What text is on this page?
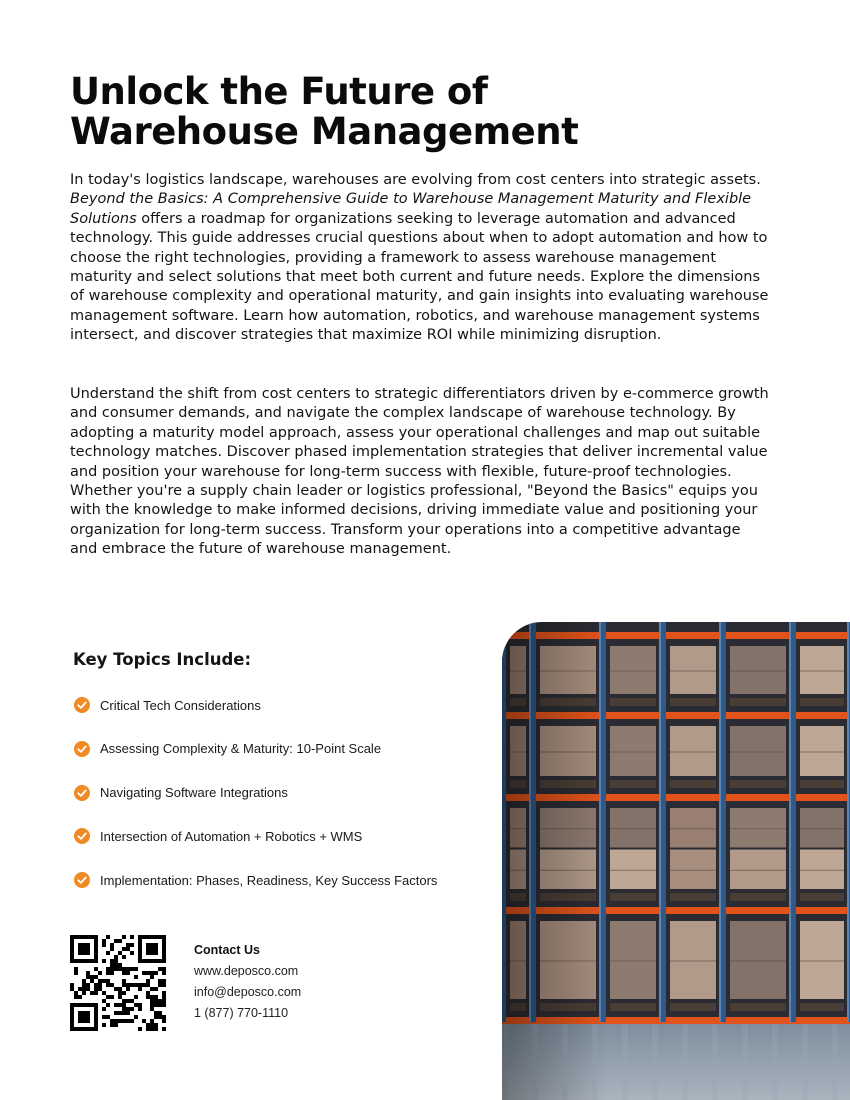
Unlock the Future of
Warehouse Management

In today's logistics landscape, warehouses are evolving from cost centers into strategic assets. Beyond the Basics: A Comprehensive Guide to Warehouse Management Maturity and Flexible Solutions offers a roadmap for organizations seeking to leverage automation and advanced technology. This guide addresses crucial questions about when to adopt automation and how to choose the right technologies, providing a framework to assess warehouse management maturity and select solutions that meet both current and future needs. Explore the dimensions of warehouse complexity and operational maturity, and gain insights into evaluating warehouse management software. Learn how automation, robotics, and warehouse management systems intersect, and discover strategies that maximize ROI while minimizing disruption.

Understand the shift from cost centers to strategic differentiators driven by e-commerce growth and consumer demands, and navigate the complex landscape of warehouse technology. By adopting a maturity model approach, assess your operational challenges and map out suitable technology matches. Discover phased implementation strategies that deliver incremental value and position your warehouse for long-term success with flexible, future-proof technologies. Whether you're a supply chain leader or logistics professional, "Beyond the Basics" equips you with the knowledge to make informed decisions, driving immediate value and positioning your organization for long-term success. Transform your operations into a competitive advantage and embrace the future of warehouse management.

Key Topics Include:
Critical Tech Considerations
Assessing Complexity & Maturity: 10-Point Scale
Navigating Software Integrations
Intersection of Automation + Robotics + WMS
Implementation: Phases, Readiness, Key Success Factors
Contact Us
www.deposco.com
info@deposco.com
1 (877) 770-1110
